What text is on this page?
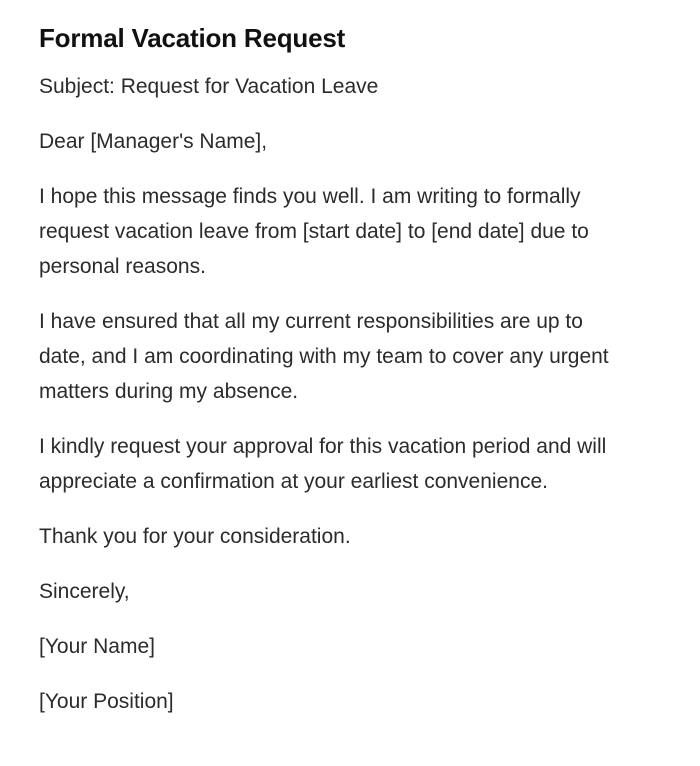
Formal Vacation Request

Subject: Request for Vacation Leave

Dear [Manager's Name],

I hope this message finds you well. I am writing to formally request vacation leave from [start date] to [end date] due to personal reasons.

I have ensured that all my current responsibilities are up to date, and I am coordinating with my team to cover any urgent matters during my absence.

I kindly request your approval for this vacation period and will appreciate a confirmation at your earliest convenience.

Thank you for your consideration.

Sincerely,

[Your Name]

[Your Position]
